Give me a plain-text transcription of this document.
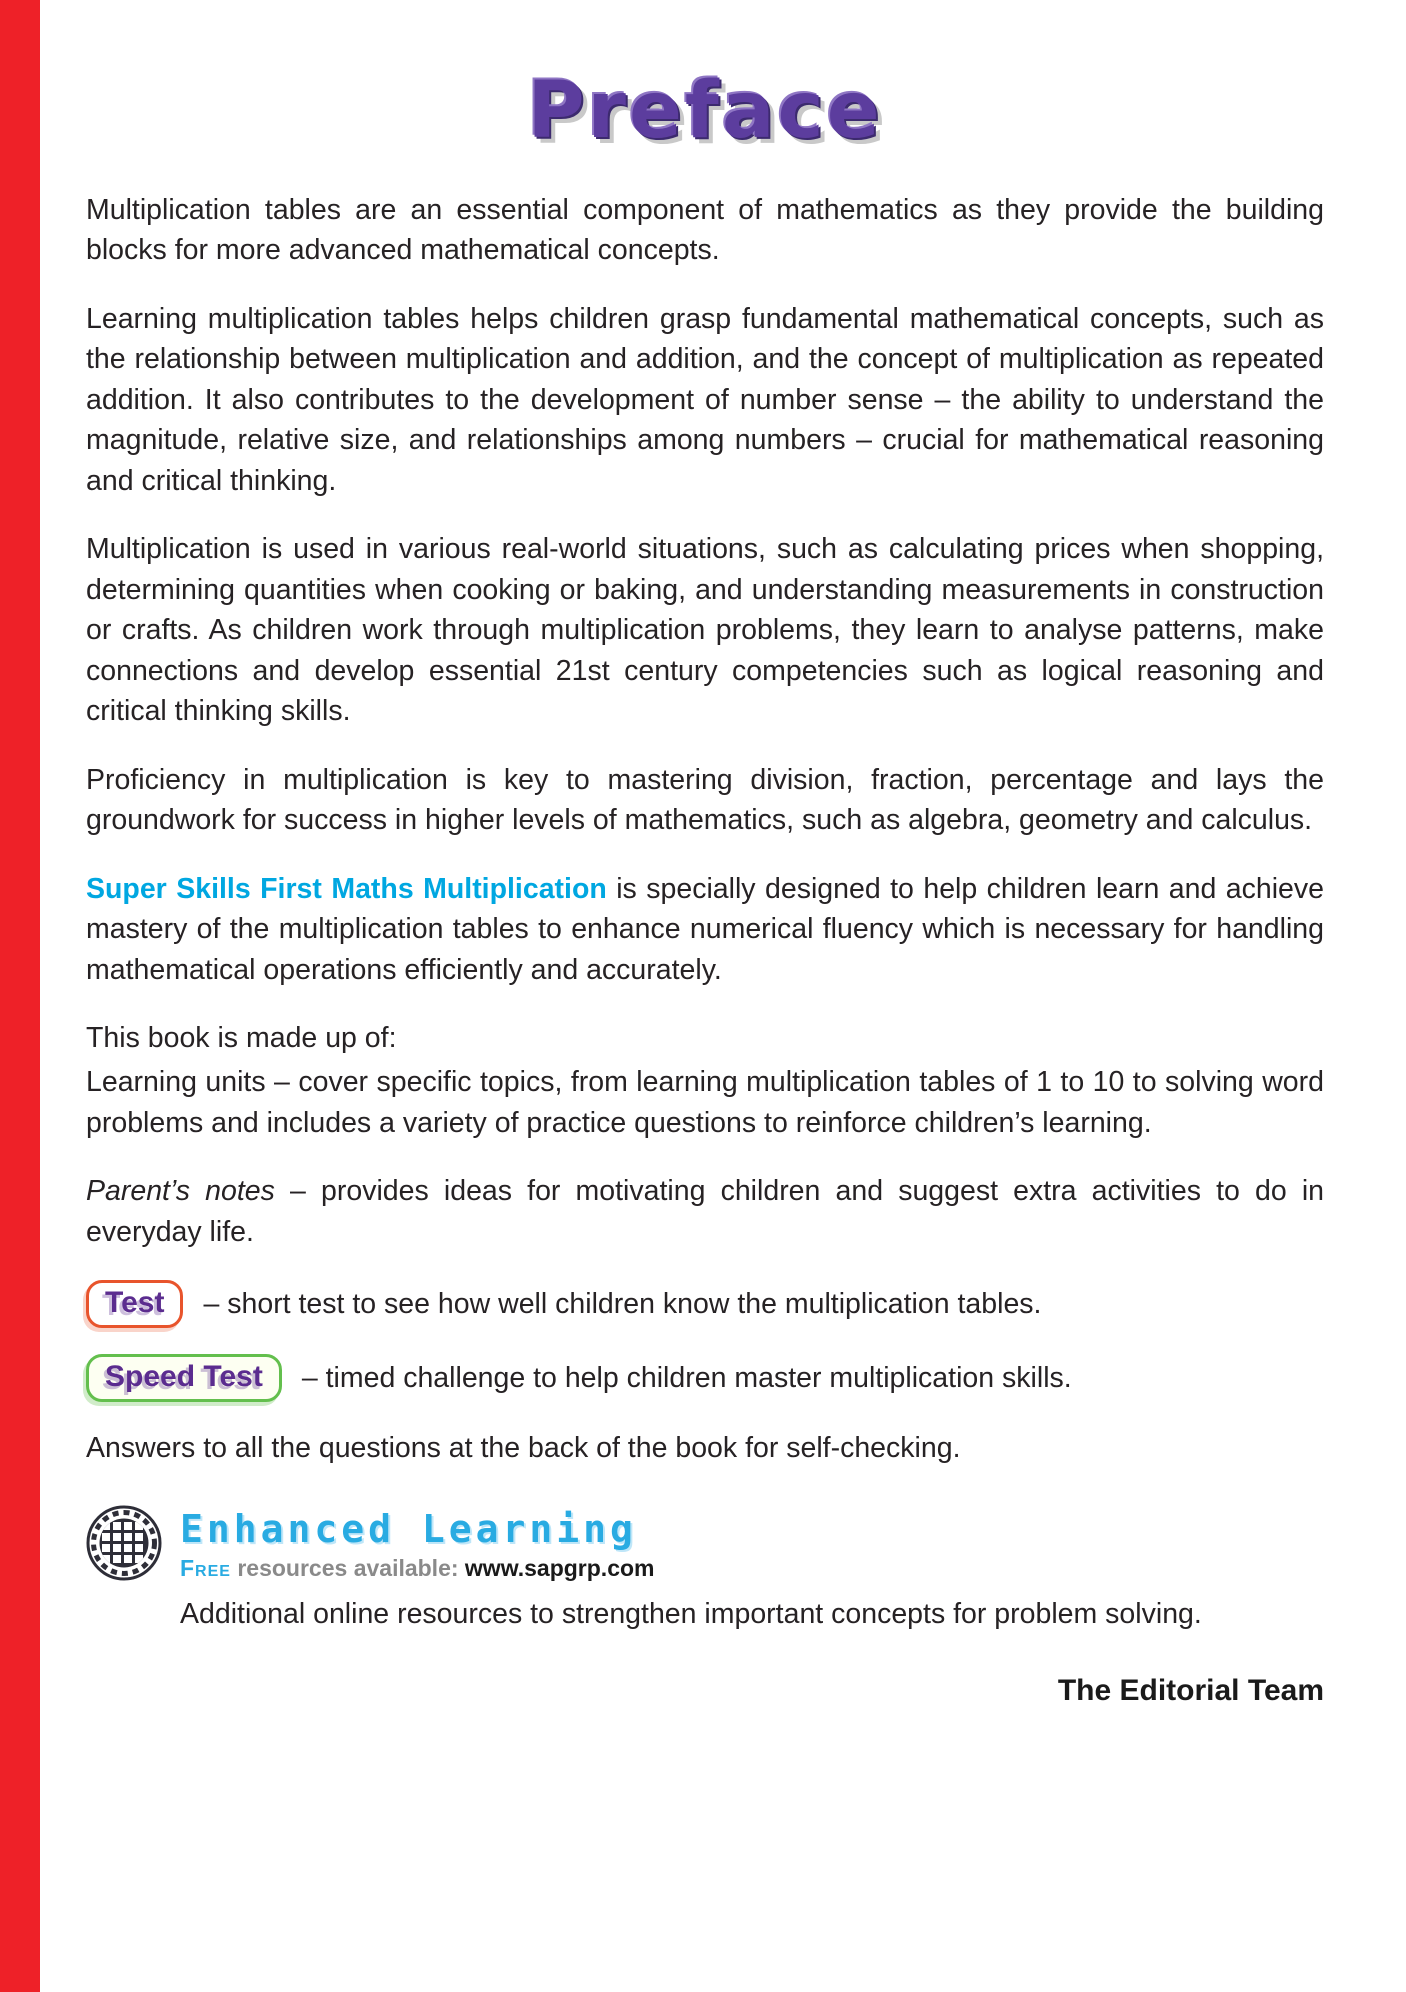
Preface

Multiplication tables are an essential component of mathematics as they provide the building blocks for more advanced mathematical concepts.

Learning multiplication tables helps children grasp fundamental mathematical concepts, such as the relationship between multiplication and addition, and the concept of multiplication as repeated addition. It also contributes to the development of number sense – the ability to understand the magnitude, relative size, and relationships among numbers – crucial for mathematical reasoning and critical thinking.

Multiplication is used in various real-world situations, such as calculating prices when shopping, determining quantities when cooking or baking, and understanding measurements in construction or crafts. As children work through multiplication problems, they learn to analyse patterns, make connections and develop essential 21st century competencies such as logical reasoning and critical thinking skills.

Proficiency in multiplication is key to mastering division, fraction, percentage and lays the groundwork for success in higher levels of mathematics, such as algebra, geometry and calculus.

Super Skills First Maths Multiplication is specially designed to help children learn and achieve mastery of the multiplication tables to enhance numerical fluency which is necessary for handling mathematical operations efficiently and accurately.

This book is made up of:

Learning units – cover specific topics, from learning multiplication tables of 1 to 10 to solving word problems and includes a variety of practice questions to reinforce children’s learning.

Parent’s notes – provides ideas for motivating children and suggest extra activities to do in everyday life.

Test	– short test to see how well children know the multiplication tables.
Speed Test	– timed challenge to help children master multiplication skills.

Answers to all the questions at the back of the book for self-checking.

Enhanced Learning
Free resources available: www.sapgrp.com

Additional online resources to strengthen important concepts for problem solving.

The Editorial Team
